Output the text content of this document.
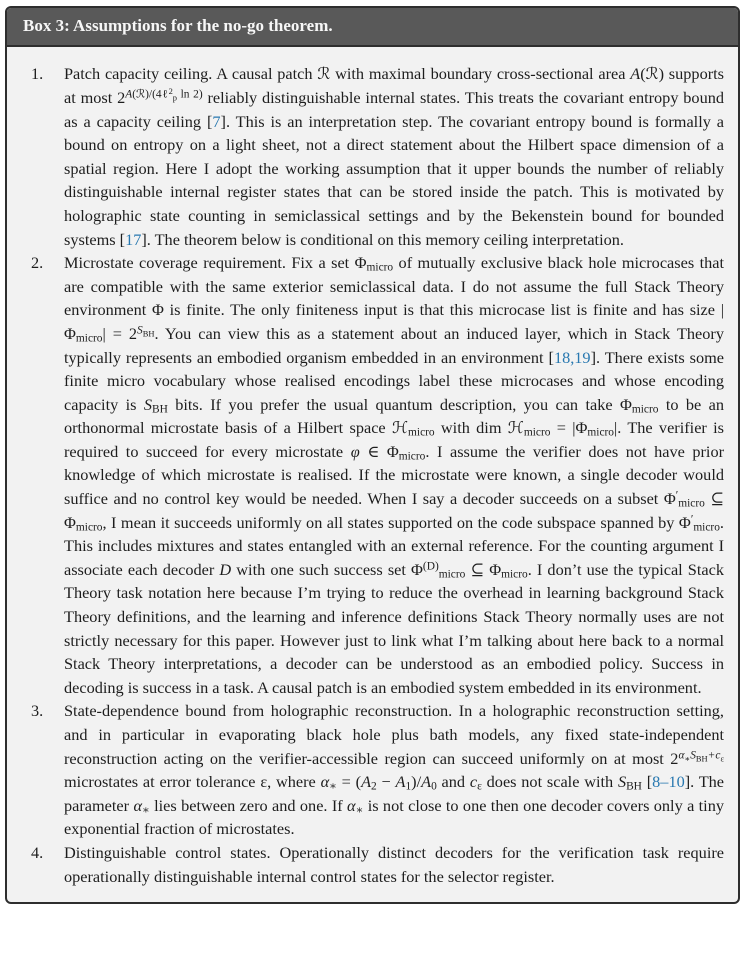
Box 3: Assumptions for the no-go theorem.
1.	Patch capacity ceiling. A causal patch ℛ with maximal boundary cross-sectional area A(ℛ) supports at most $2^{A(ℛ)/(4\ell 2}p$ $^{ln 2)}$ reliably distinguishable internal states. This treats the covariant entropy bound as a capacity ceiling [7]. This is an interpretation step. The covariant entropy bound is formally a bound on entropy on a light sheet, not a direct statement about the Hilbert space dimension of a spatial region. Here I adopt the working assumption that it upper bounds the number of reliably distinguishable internal register states that can be stored inside the patch. This is motivated by holographic state counting in semiclassical settings and by the Bekenstein bound for bounded systems [17]. The theorem below is conditional on this memory ceiling interpretation.
2.	Microstate coverage requirement. Fix a set Φmicro of mutually exclusive black hole microcases that are compatible with the same exterior semiclassical data. I do not assume the full Stack Theory environment Φ is finite. The only finiteness input is that this microcase list is finite and has size |Φmicro| = $2^SBH$. You can view this as a statement about an induced layer, which in Stack Theory typically represents an embodied organism embedded in an environment [18,19]. There exists some finite micro vocabulary whose realised encodings label these microcases and whose encoding capacity is SBH bits. If you prefer the usual quantum description, you can take Φmicro to be an orthonormal microstate basis of a Hilbert space ℋmicro with dim ℋmicro = |Φmicro|. The verifier is required to succeed for every microstate φ ∈ Φmicro. I assume the verifier does not have prior knowledge of which microstate is realised. If the microstate were known, a single decoder would suffice and no control key would be needed. When I say a decoder succeeds on a subset Φ′micro ⊆ Φmicro, I mean it succeeds uniformly on all states supported on the code subspace spanned by Φ′micro. This includes mixtures and states entangled with an external reference. For the counting argument I associate each decoder D with one such success set $\Phi^{(D)}micro$ ⊆ Φmicro. I don’t use the typical Stack Theory task notation here because I’m trying to reduce the overhead in learning background Stack Theory definitions, and the learning and inference definitions Stack Theory normally uses are not strictly necessary for this paper. However just to link what I’m talking about here back to a normal Stack Theory interpretations, a decoder can be understood as an embodied policy. Success in decoding is success in a task. A causal patch is an embodied system embedded in its environment.
3.	State-dependence bound from holographic reconstruction. In a holographic reconstruction setting, and in particular in evaporating black hole plus bath models, any fixed state-independent reconstruction acting on the verifier-accessible region can succeed uniformly on at most $2^\alpha∗^SBH^{+c}\varepsilon$ microstates at error tolerance ε, where α∗ = (A2 − A1)/A0 and cε does not scale with SBH [8–10]. The parameter α∗ lies between zero and one. If α∗ is not close to one then one decoder covers only a tiny exponential fraction of microstates.
4.	Distinguishable control states. Operationally distinct decoders for the verification task require operationally distinguishable internal control states for the selector register.
